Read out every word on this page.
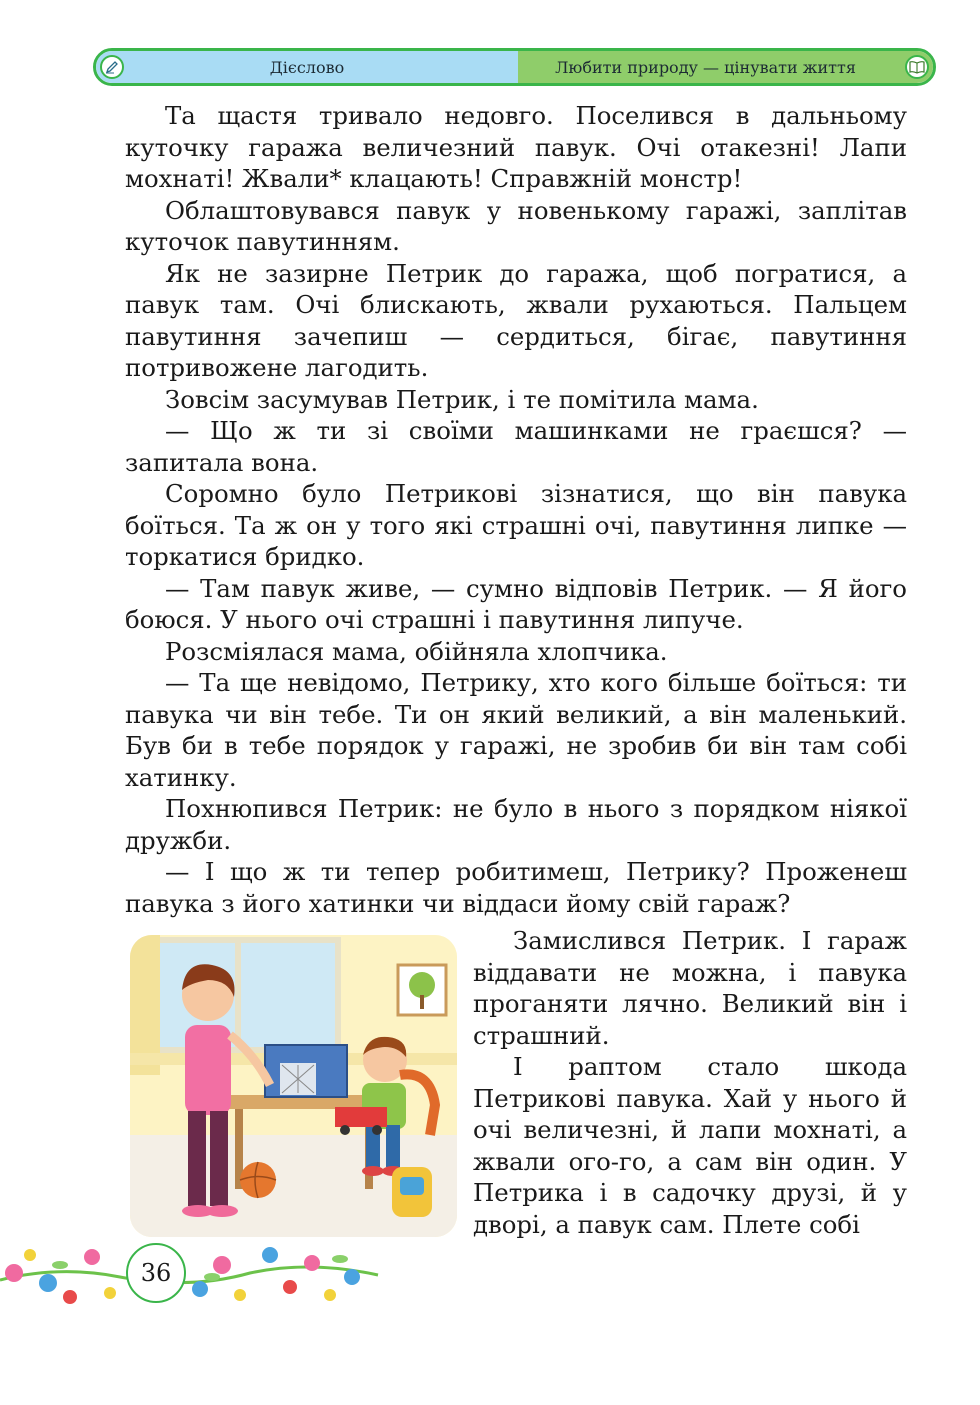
Дієслово	Любити природу — цінувати життя

Та щастя тривало недовго. Поселився в дальньому куточку гаража величезний павук. Очі отакезні! Лапи мохнаті! Жвали* клацають! Справжній монстр!

Облаштовувався павук у новенькому гаражі, заплітав куточок павутинням.

Як не зазирне Петрик до гаража, щоб погратися, а павук там. Очі блискають, жвали рухаються. Пальцем павутиння зачепиш — сердиться, бігає, павутиння потривожене лагодить.

Зовсім засумував Петрик, і те помітила мама.

— Що ж ти зі своїми машинками не граєшся? — запитала вона.

Соромно було Петрикові зізнатися, що він павука боїться. Та ж он у того які страшні очі, павутиння липке — торкатися бридко.

— Там павук живе, — сумно відповів Петрик. — Я його боюся. У нього очі страшні і павутиння липуче.

Розсміялася мама, обійняла хлопчика.

— Та ще невідомо, Петрику, хто кого більше боїться: ти павука чи він тебе. Ти он який великий, а він маленький. Був би в тебе порядок у гаражі, не зробив би він там собі хатинку.

Похнюпився Петрик: не було в нього з порядком ніякої дружби.

— І що ж ти тепер робитимеш, Петрику? Проженеш павука з його хатинки чи віддаси йому свій гараж?

Замислився Петрик. І гараж віддавати не можна, і павука проганяти лячно. Великий він і страшний.

І раптом стало шкода Петрикові павука. Хай у нього й очі величезні, й лапи мохнаті, а жвали ого-го, а сам він один. У Петрика і в садочку друзі, й у дворі, а павук сам. Плете собі

36
